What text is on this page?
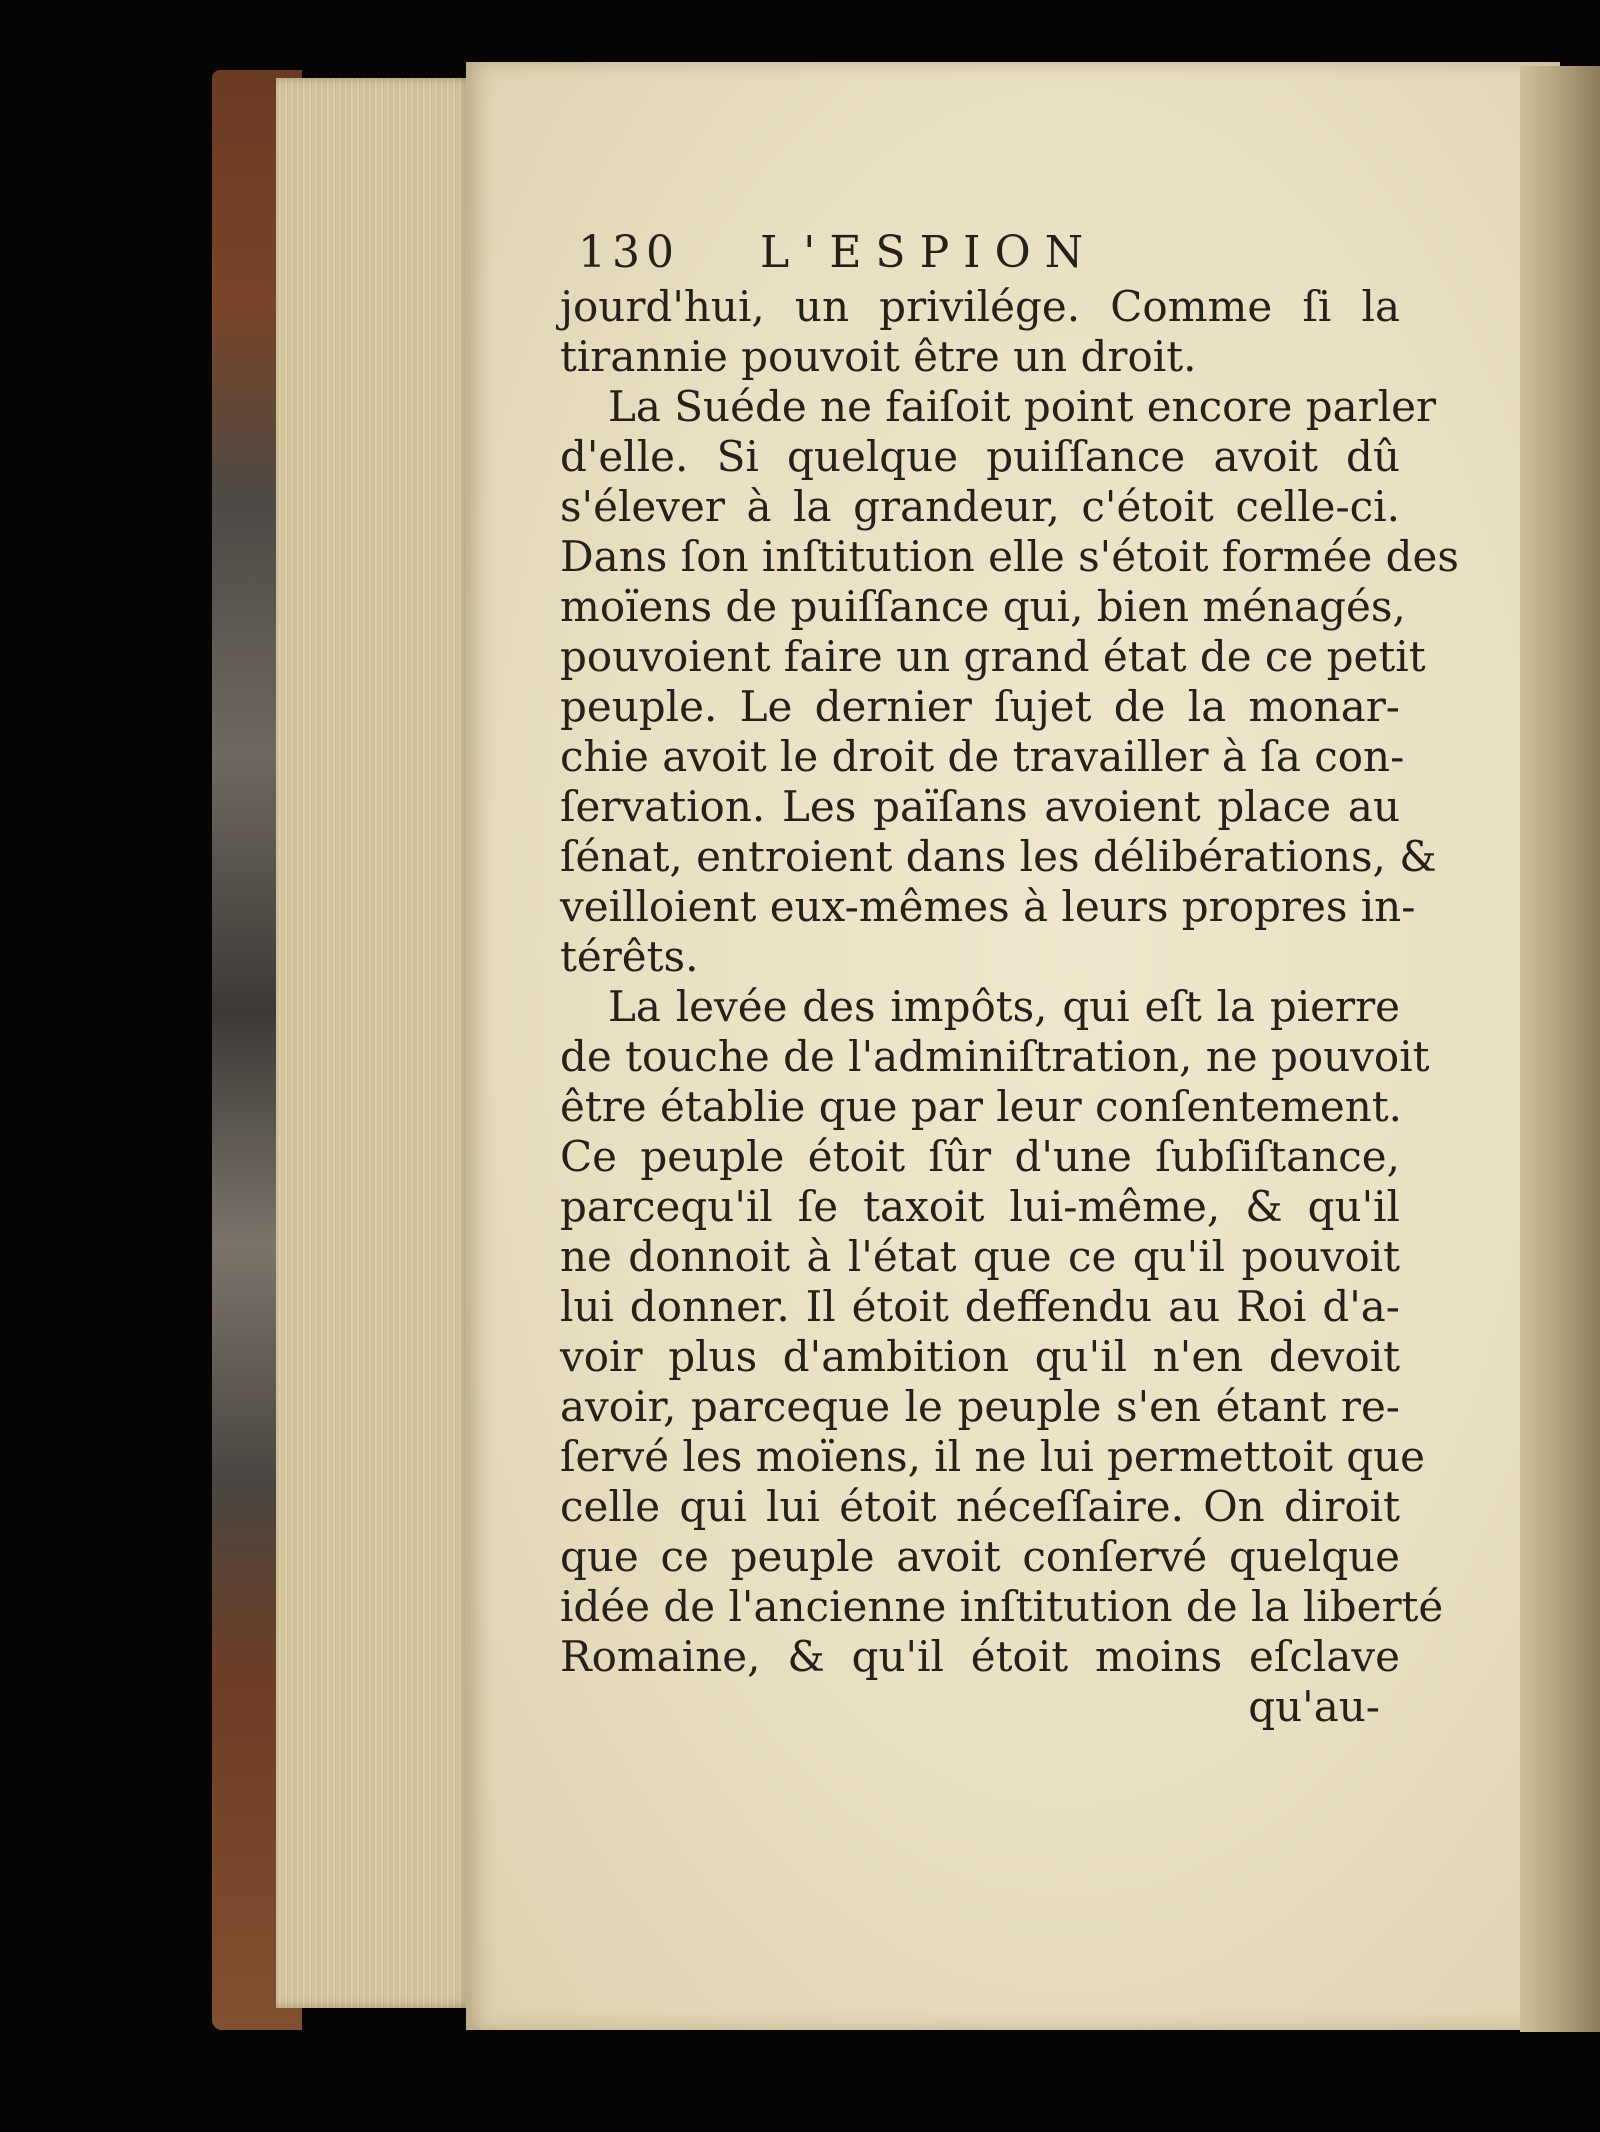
130 L'ESPION
jourd'hui, un privilége. Comme ſi la
tirannie pouvoit être un droit.
La Suéde ne faiſoit point encore parler
d'elle. Si quelque puiſſance avoit dû
s'élever à la grandeur, c'étoit celle-ci.
Dans ſon inſtitution elle s'étoit formée des
moïens de puiſſance qui, bien ménagés,
pouvoient faire un grand état de ce petit
peuple. Le dernier ſujet de la monar-
chie avoit le droit de travailler à ſa con-
ſervation. Les païſans avoient place au
ſénat, entroient dans les délibérations, &
veilloient eux-mêmes à leurs propres in-
térêts.
La levée des impôts, qui eſt la pierre
de touche de l'adminiſtration, ne pouvoit
être établie que par leur conſentement.
Ce peuple étoit ſûr d'une ſubſiſtance,
parcequ'il ſe taxoit lui-même, & qu'il
ne donnoit à l'état que ce qu'il pouvoit
lui donner. Il étoit deffendu au Roi d'a-
voir plus d'ambition qu'il n'en devoit
avoir, parceque le peuple s'en étant re-
ſervé les moïens, il ne lui permettoit que
celle qui lui étoit néceſſaire. On diroit
que ce peuple avoit conſervé quelque
idée de l'ancienne inſtitution de la liberté
Romaine, & qu'il étoit moins eſclave
qu'au-
